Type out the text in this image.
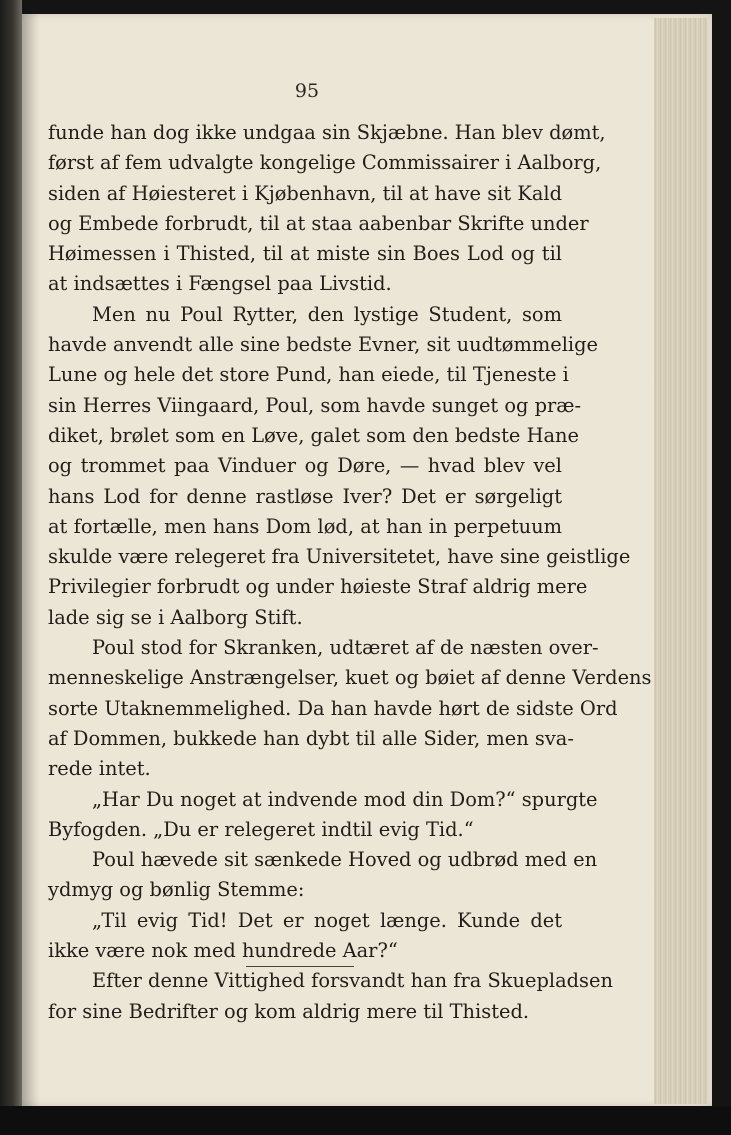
95
funde han dog ikke undgaa sin Skjæbne. Han blev dømt,
først af fem udvalgte kongelige Commissairer i Aalborg,
siden af Høiesteret i Kjøbenhavn, til at have sit Kald
og Embede forbrudt, til at staa aabenbar Skrifte under
Høimessen i Thisted, til at miste sin Boes Lod og til
at indsættes i Fængsel paa Livstid.
Men nu Poul Rytter, den lystige Student, som
havde anvendt alle sine bedste Evner, sit uudtømmelige
Lune og hele det store Pund, han eiede, til Tjeneste i
sin Herres Viingaard, Poul, som havde sunget og præ-
diket, brølet som en Løve, galet som den bedste Hane
og trommet paa Vinduer og Døre, — hvad blev vel
hans Lod for denne rastløse Iver? Det er sørgeligt
at fortælle, men hans Dom lød, at han in perpetuum
skulde være relegeret fra Universitetet, have sine geistlige
Privilegier forbrudt og under høieste Straf aldrig mere
lade sig se i Aalborg Stift.
Poul stod for Skranken, udtæret af de næsten over-
menneskelige Anstrængelser, kuet og bøiet af denne Verdens
sorte Utaknemmelighed. Da han havde hørt de sidste Ord
af Dommen, bukkede han dybt til alle Sider, men sva-
rede intet.
„Har Du noget at indvende mod din Dom?“ spurgte
Byfogden. „Du er relegeret indtil evig Tid.“
Poul hævede sit sænkede Hoved og udbrød med en
ydmyg og bønlig Stemme:
„Til evig Tid! Det er noget længe. Kunde det
ikke være nok med hundrede Aar?“
Efter denne Vittighed forsvandt han fra Skuepladsen
for sine Bedrifter og kom aldrig mere til Thisted.
